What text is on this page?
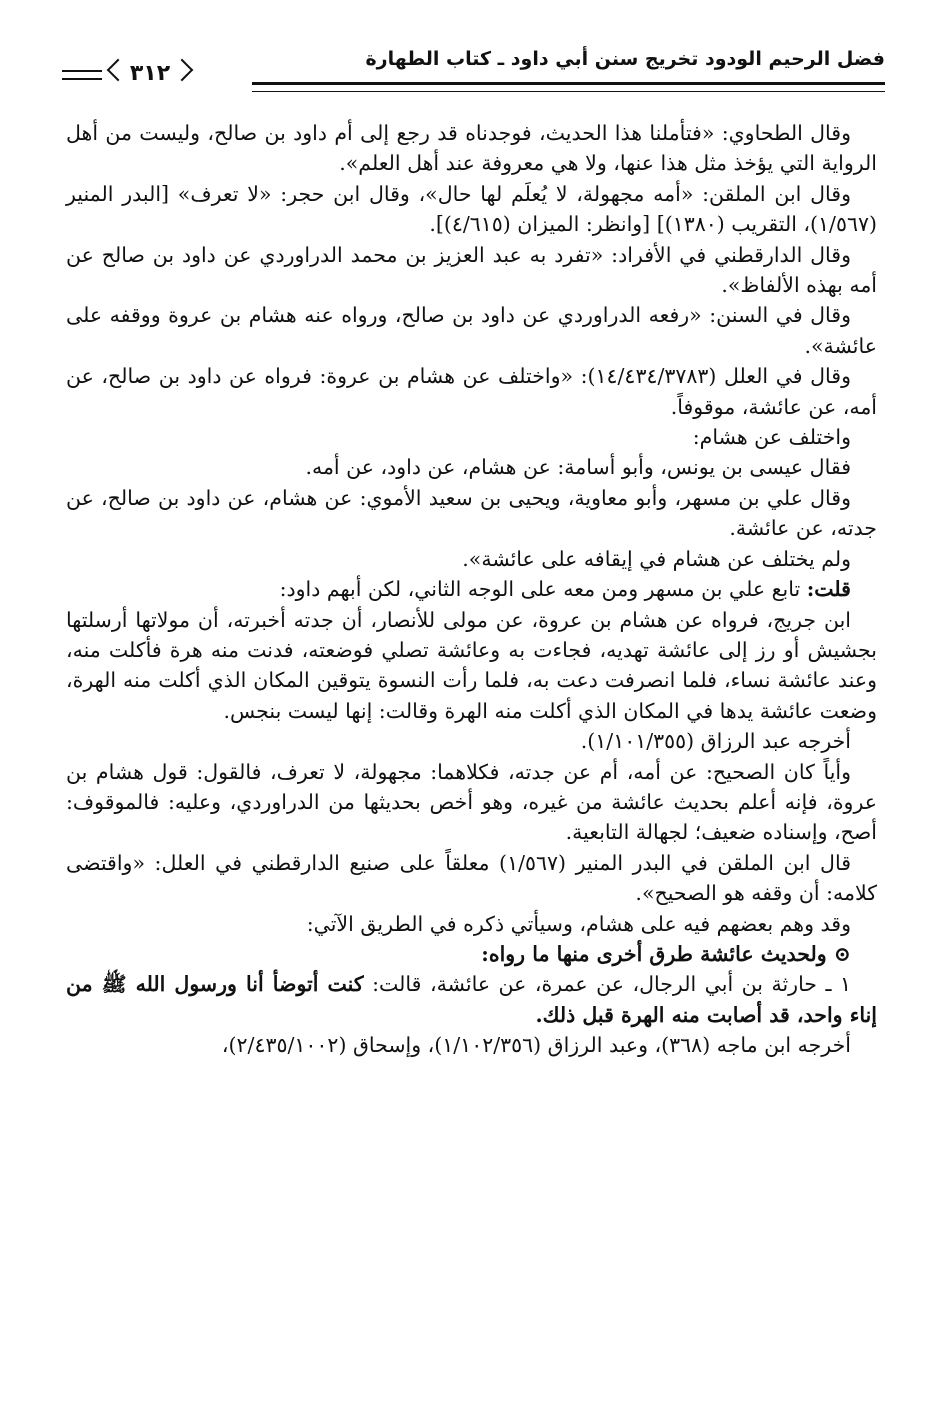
فضل الرحيم الودود تخريج سنن أبي داود ـ كتاب الطهارة
٣١٢

وقال الطحاوي: «فتأملنا هذا الحديث، فوجدناه قد رجع إلى أم داود بن صالح، وليست من أهل الرواية التي يؤخذ مثل هذا عنها، ولا هي معروفة عند أهل العلم».

وقال ابن الملقن: «أمه مجهولة، لا يُعلَم لها حال»، وقال ابن حجر: «لا تعرف» [البدر المنير (١/٥٦٧)، التقريب (١٣٨٠)] [وانظر: الميزان (٤/٦١٥)].

وقال الدارقطني في الأفراد: «تفرد به عبد العزيز بن محمد الدراوردي عن داود بن صالح عن أمه بهذه الألفاظ».

وقال في السنن: «رفعه الدراوردي عن داود بن صالح، ورواه عنه هشام بن عروة ووقفه على عائشة».

وقال في العلل (١٤/٤٣٤/٣٧٨٣): «واختلف عن هشام بن عروة: فرواه عن داود بن صالح، عن أمه، عن عائشة، موقوفاً.

واختلف عن هشام:

فقال عيسى بن يونس، وأبو أسامة: عن هشام، عن داود، عن أمه.

وقال علي بن مسهر، وأبو معاوية، ويحيى بن سعيد الأموي: عن هشام، عن داود بن صالح، عن جدته، عن عائشة.

ولم يختلف عن هشام في إيقافه على عائشة».

قلت: تابع علي بن مسهر ومن معه على الوجه الثاني، لكن أبهم داود:

ابن جريج، فرواه عن هشام بن عروة، عن مولى للأنصار، أن جدته أخبرته، أن مولاتها أرسلتها بجشيش أو رز إلى عائشة تهديه، فجاءت به وعائشة تصلي فوضعته، فدنت منه هرة فأكلت منه، وعند عائشة نساء، فلما انصرفت دعت به، فلما رأت النسوة يتوقين المكان الذي أكلت منه الهرة، وضعت عائشة يدها في المكان الذي أكلت منه الهرة وقالت: إنها ليست بنجس.

أخرجه عبد الرزاق (١/١٠١/٣٥٥).

وأياً كان الصحيح: عن أمه، أم عن جدته، فكلاهما: مجهولة، لا تعرف، فالقول: قول هشام بن عروة، فإنه أعلم بحديث عائشة من غيره، وهو أخص بحديثها من الدراوردي، وعليه: فالموقوف: أصح، وإسناده ضعيف؛ لجهالة التابعية.

قال ابن الملقن في البدر المنير (١/٥٦٧) معلقاً على صنيع الدارقطني في العلل: «واقتضى كلامه: أن وقفه هو الصحيح».

وقد وهم بعضهم فيه على هشام، وسيأتي ذكره في الطريق الآتي:

⊙ ولحديث عائشة طرق أخرى منها ما رواه:

١ ـ حارثة بن أبي الرجال، عن عمرة، عن عائشة، قالت: كنت أتوضأ أنا ورسول الله ﷺ من إناء واحد، قد أصابت منه الهرة قبل ذلك.

أخرجه ابن ماجه (٣٦٨)، وعبد الرزاق (١/١٠٢/٣٥٦)، وإسحاق (٢/٤٣٥/١٠٠٢)،
